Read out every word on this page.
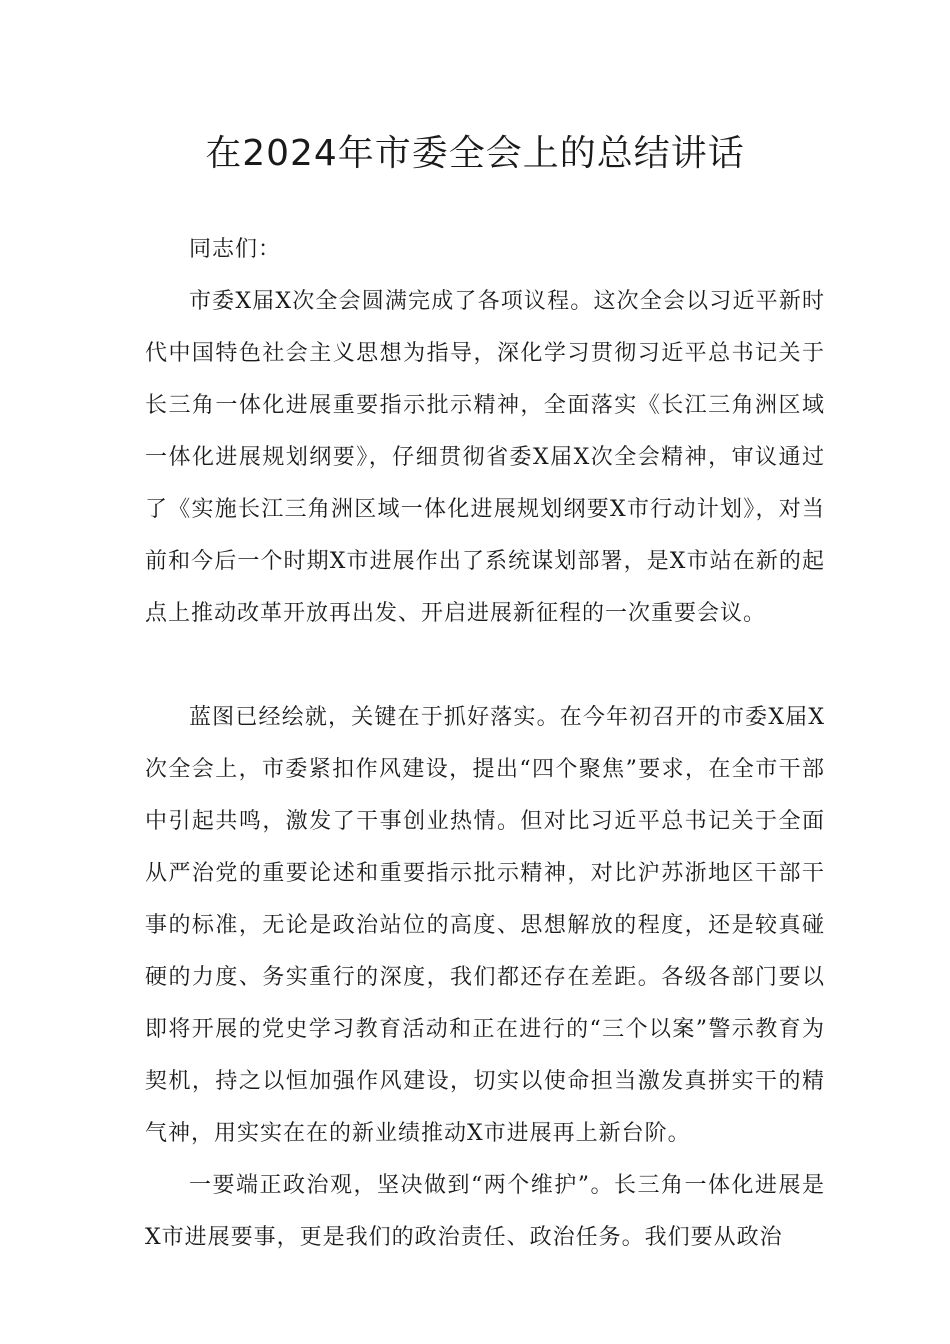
在2024年市委全会上的总结讲话

同志们：

市委X届X次全会圆满完成了各项议程。这次全会以习近平新时代中国特色社会主义思想为指导，深化学习贯彻习近平总书记关于长三角一体化进展重要指示批示精神，全面落实《长江三角洲区域一体化进展规划纲要》，仔细贯彻省委X届X次全会精神，审议通过了《实施长江三角洲区域一体化进展规划纲要X市行动计划》，对当前和今后一个时期X市进展作出了系统谋划部署，是X市站在新的起点上推动改革开放再出发、开启进展新征程的一次重要会议。

蓝图已经绘就，关键在于抓好落实。在今年初召开的市委X届X次全会上，市委紧扣作风建设，提出“四个聚焦”要求，在全市干部中引起共鸣，激发了干事创业热情。但对比习近平总书记关于全面从严治党的重要论述和重要指示批示精神，对比沪苏浙地区干部干事的标准，无论是政治站位的高度、思想解放的程度，还是较真碰硬的力度、务实重行的深度，我们都还存在差距。各级各部门要以即将开展的党史学习教育活动和正在进行的“三个以案”警示教育为契机，持之以恒加强作风建设，切实以使命担当激发真拼实干的精气神，用实实在在的新业绩推动X市进展再上新台阶。

一要端正政治观，坚决做到“两个维护”。长三角一体化进展是X市进展要事，更是我们的政治责任、政治任务。我们要从政治
